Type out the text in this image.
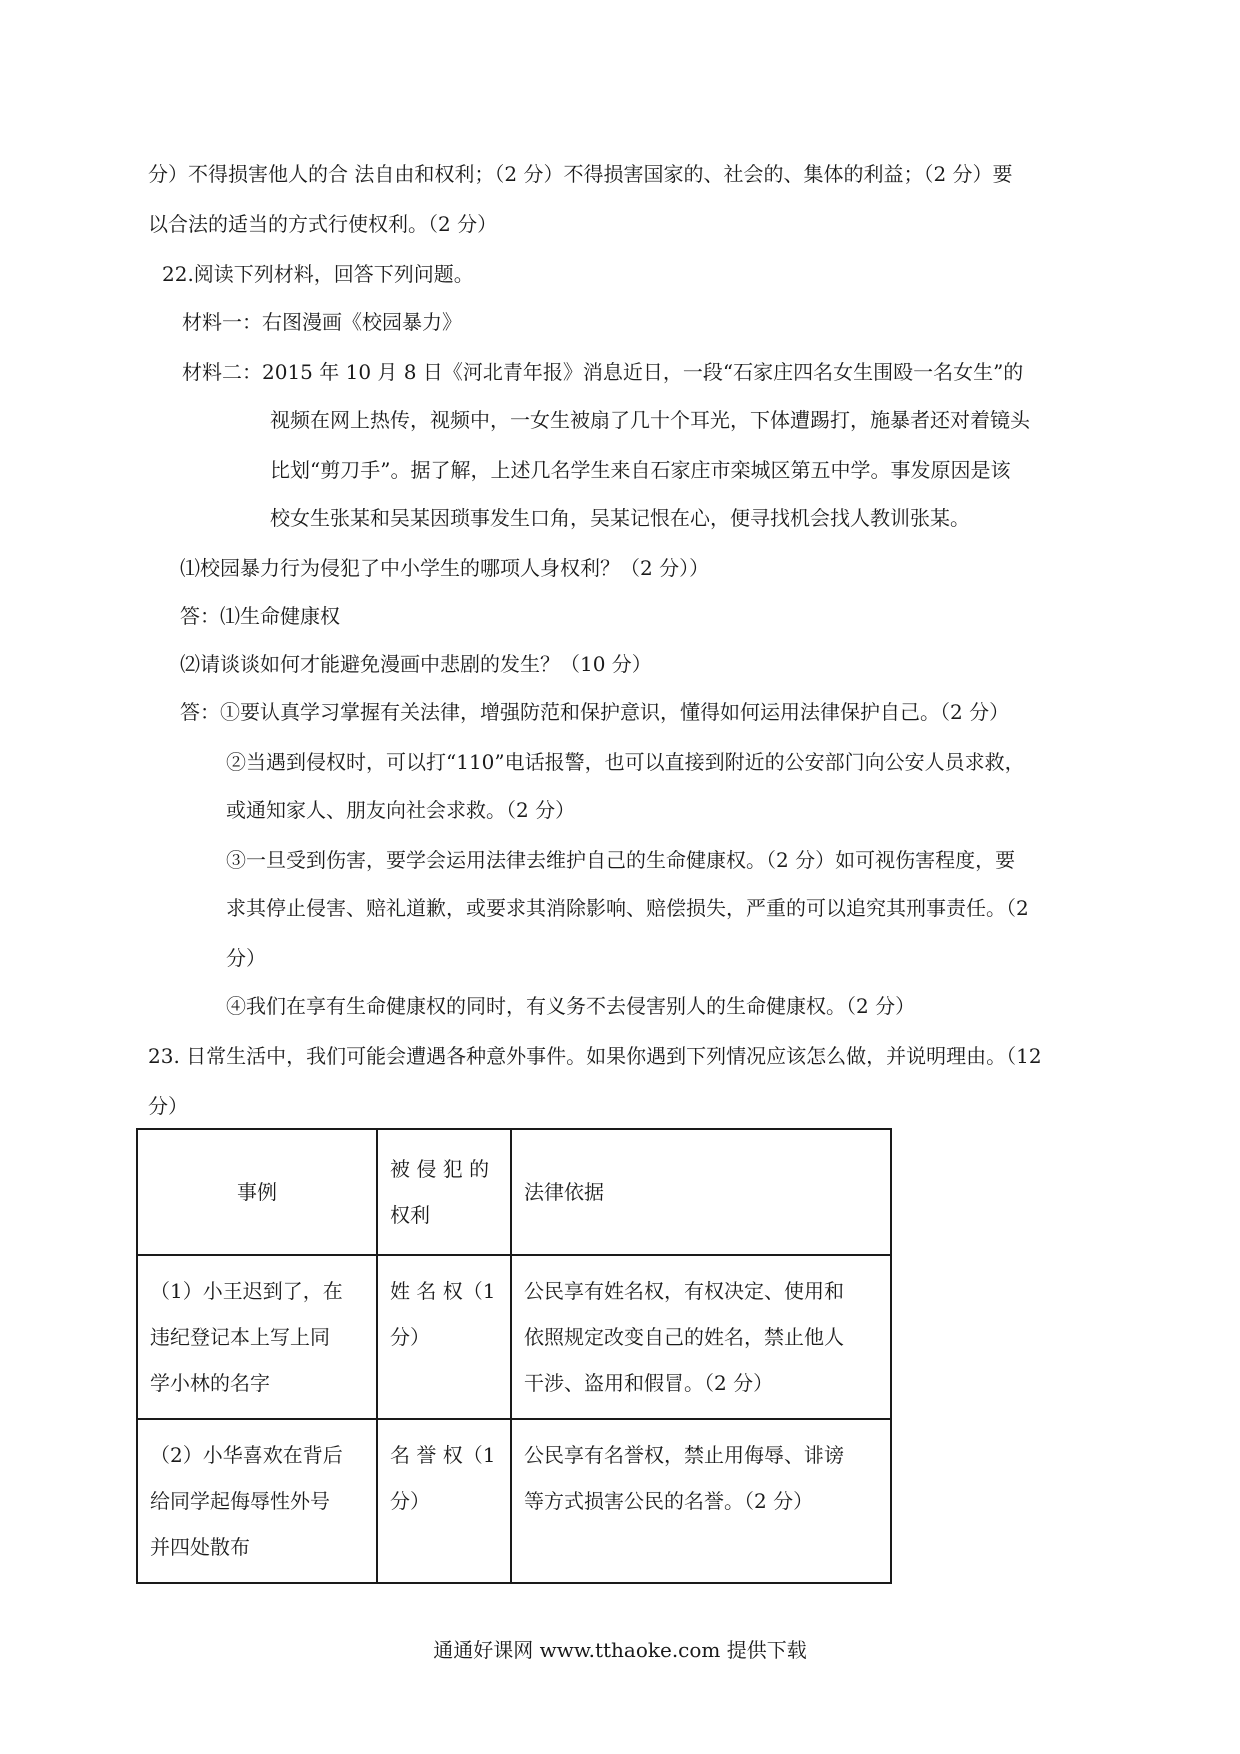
分）不得损害他人的合 法自由和权利；（2 分）不得损害国家的、社会的、集体的利益；（2 分）要
以合法的适当的方式行使权利。（2 分）
22.阅读下列材料，回答下列问题。
材料一：右图漫画《校园暴力》
材料二：2015 年 10 月 8 日《河北青年报》消息近日，一段“石家庄四名女生围殴一名女生”的
视频在网上热传，视频中，一女生被扇了几十个耳光，下体遭踢打，施暴者还对着镜头
比划“剪刀手”。据了解，上述几名学生来自石家庄市栾城区第五中学。事发原因是该
校女生张某和吴某因琐事发生口角，吴某记恨在心，便寻找机会找人教训张某。
⑴校园暴力行为侵犯了中小学生的哪项人身权利？（2 分））
答：⑴生命健康权
⑵请谈谈如何才能避免漫画中悲剧的发生？（10 分）
答：①要认真学习掌握有关法律，增强防范和保护意识，懂得如何运用法律保护自己。（2 分）
②当遇到侵权时，可以打“110”电话报警，也可以直接到附近的公安部门向公安人员求救，
或通知家人、朋友向社会求救。（2 分）
③一旦受到伤害，要学会运用法律去维护自己的生命健康权。（2 分）如可视伤害程度，要
求其停止侵害、赔礼道歉，或要求其消除影响、赔偿损失，严重的可以追究其刑事责任。（2
分）
④我们在享有生命健康权的同时，有义务不去侵害别人的生命健康权。（2 分）
23. 日常生活中，我们可能会遭遇各种意外事件。如果你遇到下列情况应该怎么做，并说明理由。（12
分）
事例	被 侵 犯 的
权利	法律依据

（1）小王迟到了，在
违纪登记本上写上同
学小林的名字	姓 名 权（1
分）	公民享有姓名权，有权决定、使用和
依照规定改变自己的姓名，禁止他人
干涉、盗用和假冒。（2 分）

（2）小华喜欢在背后
给同学起侮辱性外号
并四处散布	名 誉 权（1
分）	公民享有名誉权，禁止用侮辱、诽谤
等方式损害公民的名誉。（2 分）
通通好课网 www.tthaoke.com 提供下载
